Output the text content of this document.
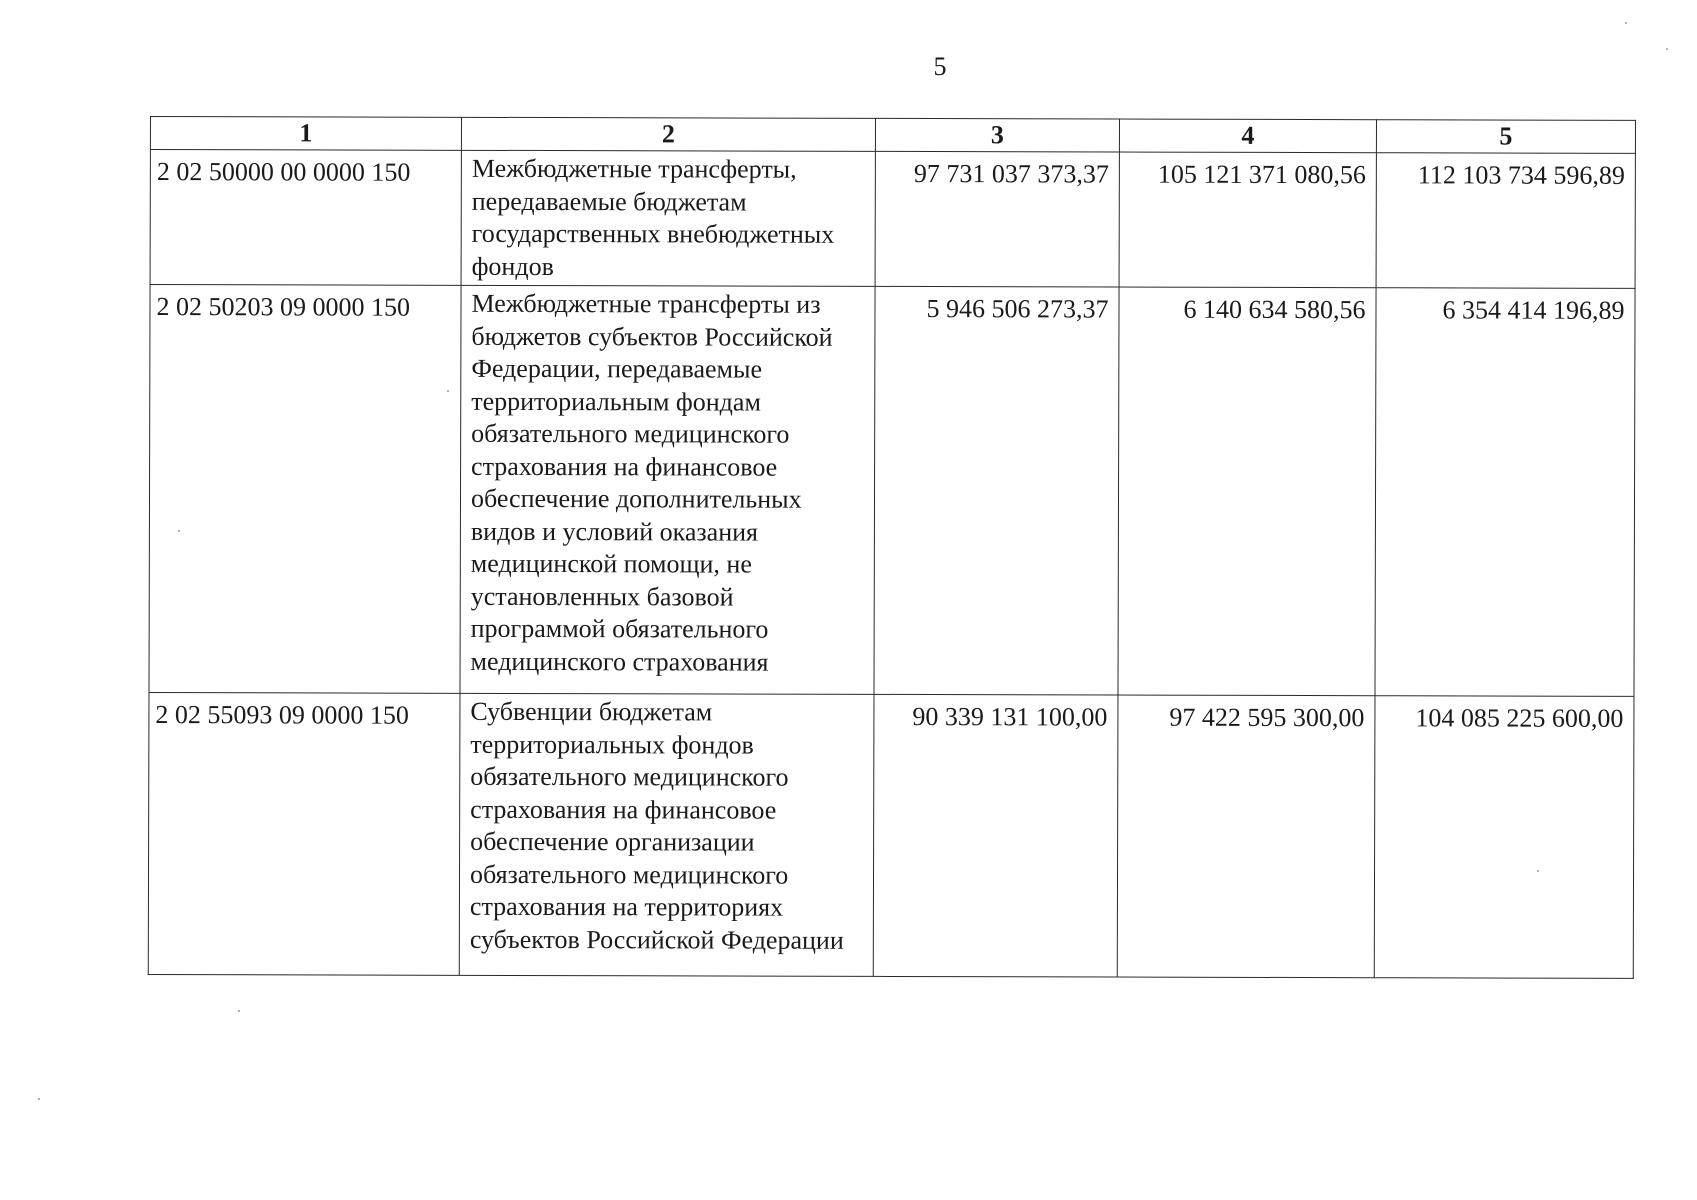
5
1	2	3	4	5
2 02 50000 00 0000 150	Межбюджетные трансферты, передаваемые бюджетам государственных внебюджетных фондов	97 731 037 373,37	105 121 371 080,56	112 103 734 596,89
2 02 50203 09 0000 150	Межбюджетные трансферты из бюджетов субъектов Российской Федерации, передаваемые территориальным фондам обязательного медицинского страхования на финансовое обеспечение дополнительных видов и условий оказания медицинской помощи, не установленных базовой программой обязательного медицинского страхования	5 946 506 273,37	6 140 634 580,56	6 354 414 196,89
2 02 55093 09 0000 150	Субвенции бюджетам территориальных фондов обязательного медицинского страхования на финансовое обеспечение организации обязательного медицинского страхования на территориях субъектов Российской Федерации	90 339 131 100,00	97 422 595 300,00	104 085 225 600,00
